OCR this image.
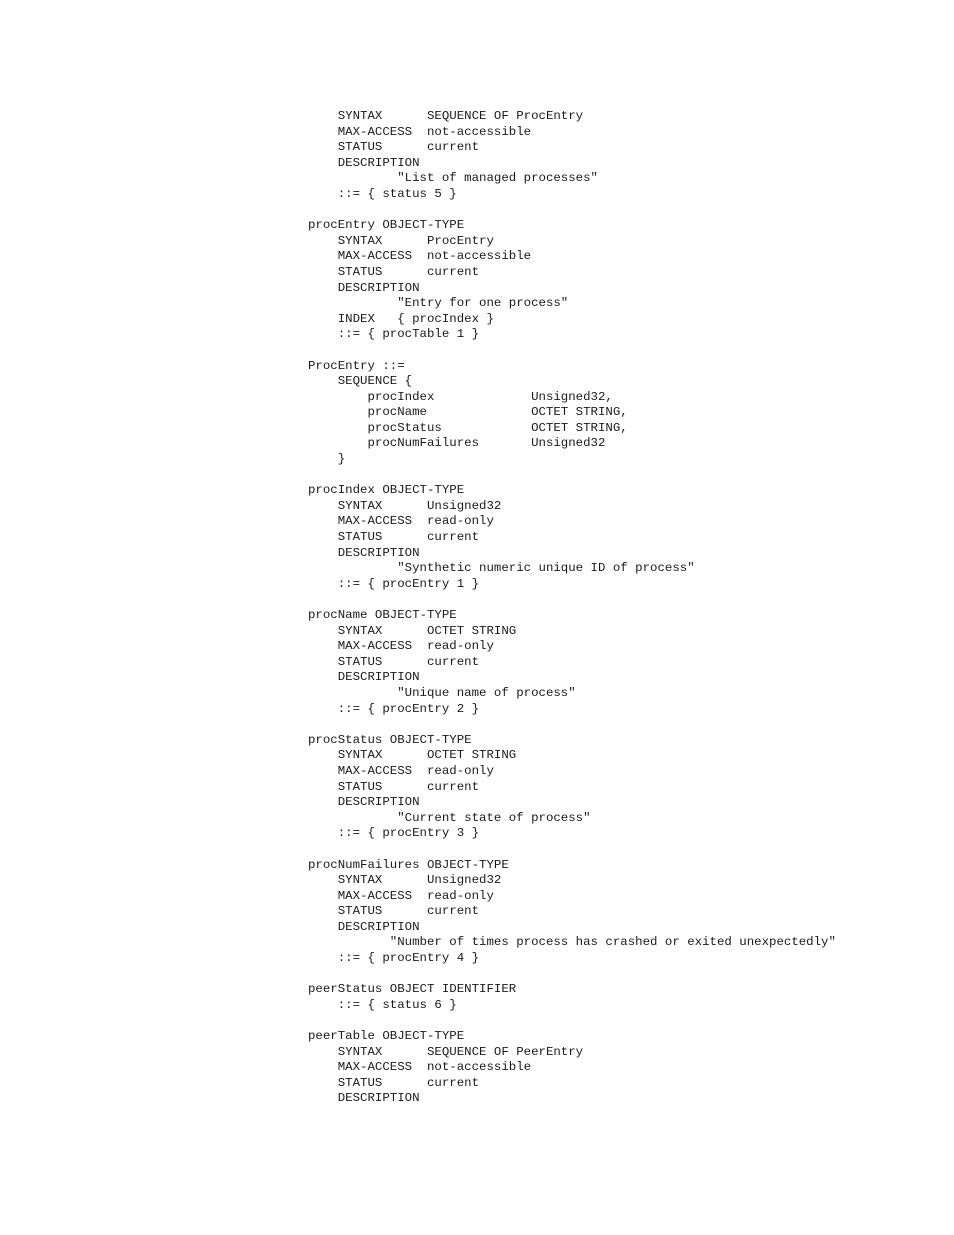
SYNTAX      SEQUENCE OF ProcEntry
MAX-ACCESS  not-accessible
STATUS      current
DESCRIPTION
"List of managed processes"
::= { status 5 }
procEntry OBJECT-TYPE
SYNTAX      ProcEntry
MAX-ACCESS  not-accessible
STATUS      current
DESCRIPTION
"Entry for one process"
INDEX   { procIndex }
::= { procTable 1 }
ProcEntry ::=
SEQUENCE {
procIndex             Unsigned32,
procName              OCTET STRING,
procStatus            OCTET STRING,
procNumFailures       Unsigned32
}
procIndex OBJECT-TYPE
SYNTAX      Unsigned32
MAX-ACCESS  read-only
STATUS      current
DESCRIPTION
"Synthetic numeric unique ID of process"
::= { procEntry 1 }
procName OBJECT-TYPE
SYNTAX      OCTET STRING
MAX-ACCESS  read-only
STATUS      current
DESCRIPTION
"Unique name of process"
::= { procEntry 2 }
procStatus OBJECT-TYPE
SYNTAX      OCTET STRING
MAX-ACCESS  read-only
STATUS      current
DESCRIPTION
"Current state of process"
::= { procEntry 3 }
procNumFailures OBJECT-TYPE
SYNTAX      Unsigned32
MAX-ACCESS  read-only
STATUS      current
DESCRIPTION
"Number of times process has crashed or exited unexpectedly"
::= { procEntry 4 }
peerStatus OBJECT IDENTIFIER
::= { status 6 }
peerTable OBJECT-TYPE
SYNTAX      SEQUENCE OF PeerEntry
MAX-ACCESS  not-accessible
STATUS      current
DESCRIPTION
